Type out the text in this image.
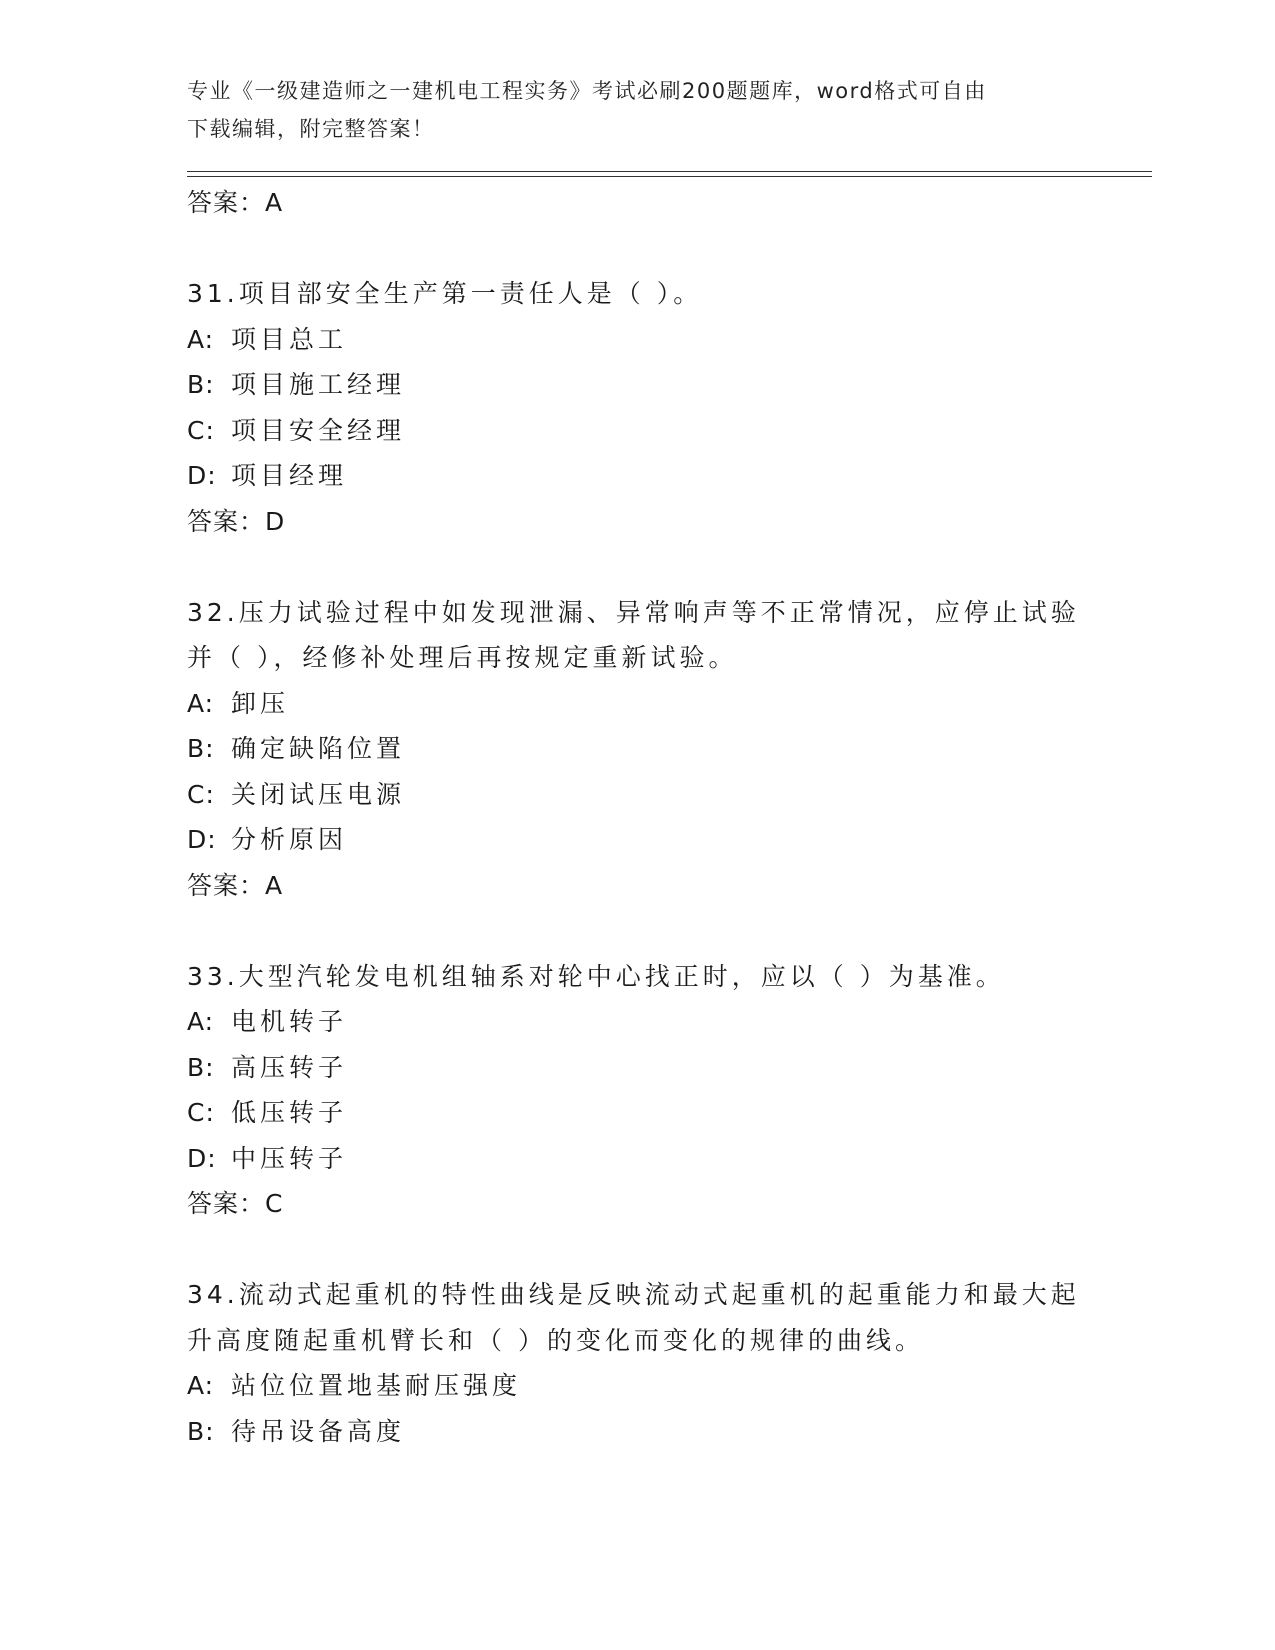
专业《一级建造师之一建机电工程实务》考试必刷200题题库，word格式可自由
下载编辑，附完整答案！
答案：A
31.项目部安全生产第一责任人是（ ）。
A: 项目总工
B: 项目施工经理
C: 项目安全经理
D: 项目经理
答案：D
32.压力试验过程中如发现泄漏、异常响声等不正常情况，应停止试验
并（ ），经修补处理后再按规定重新试验。
A: 卸压
B: 确定缺陷位置
C: 关闭试压电源
D: 分析原因
答案：A
33.大型汽轮发电机组轴系对轮中心找正时，应以（ ）为基准。
A: 电机转子
B: 高压转子
C: 低压转子
D: 中压转子
答案：C
34.流动式起重机的特性曲线是反映流动式起重机的起重能力和最大起
升高度随起重机臂长和（ ）的变化而变化的规律的曲线。
A: 站位位置地基耐压强度
B: 待吊设备高度
